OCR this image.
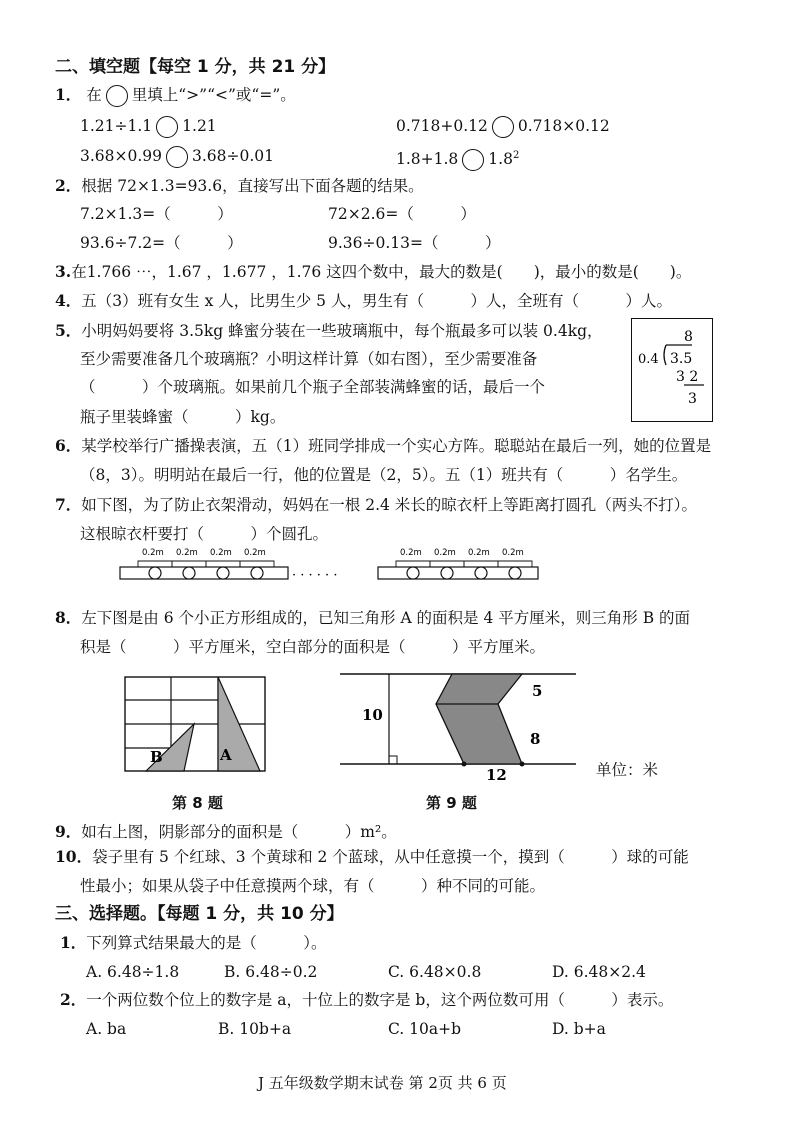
二、填空题【每空 1 分，共 21 分】
1． 在 里填上“>”“<”或“=”。
1.21÷1.1 1.21	0.718+0.12 0.718×0.12
3.68×0.99 3.68÷0.01	1.8+1.8 $1.8^2$
2．根据 72×1.3=93.6，直接写出下面各题的结果。
7.2×1.3=（　　　）	72×2.6=（　　　）
93.6÷7.2=（　　　）	9.36÷0.13=（　　　）
3.在1.766 ⋯，1.67 ，1.677 ，1.76 这四个数中，最大的数是(　　)，最小的数是(　　)。
4．五（3）班有女生 x 人，比男生少 5 人，男生有（　　　）人，全班有（　　　）人。
5．小明妈妈要将 3.5kg 蜂蜜分装在一些玻璃瓶中，每个瓶最多可以装 0.4kg，
至少需要准备几个玻璃瓶？小明这样计算（如右图），至少需要准备
（　　　）个玻璃瓶。如果前几个瓶子全部装满蜂蜜的话，最后一个
瓶子里装蜂蜜（　　　）kg。
8
0.4 3.5
3 2
3
6．某学校举行广播操表演，五（1）班同学排成一个实心方阵。聪聪站在最后一列，她的位置是
（8，3）。明明站在最后一行，他的位置是（2，5）。五（1）班共有（　　　）名学生。
7．如下图，为了防止衣架滑动，妈妈在一根 2.4 米长的晾衣杆上等距离打圆孔（两头不打）。
这根晾衣杆要打（　　　）个圆孔。
· · · · · ·
0.2m 0.2m 0.2m 0.2m	0.2m 0.2m 0.2m 0.2m
8．左下图是由 6 个小正方形组成的，已知三角形 A 的面积是 4 平方厘米，则三角形 B 的面
积是（　　　）平方厘米，空白部分的面积是（　　　）平方厘米。
B	A
第 8 题
10
5
8
12	单位：米
第 9 题
9．如右上图，阴影部分的面积是（　　　）m²。
10．袋子里有 5 个红球、3 个黄球和 2 个蓝球，从中任意摸一个，摸到（　　　）球的可能
性最小；如果从袋子中任意摸两个球，有（　　　）种不同的可能。
三、选择题。【每题 1 分，共 10 分】
1．下列算式结果最大的是（　　　）。
A. 6.48÷1.8	B. 6.48÷0.2	C. 6.48×0.8	D. 6.48×2.4
2．一个两位数个位上的数字是 a，十位上的数字是 b，这个两位数可用（　　　）表示。
A. ba	B. 10b+a	C. 10a+b	D. b+a
J 五年级数学期末试卷 第 2页 共 6 页
